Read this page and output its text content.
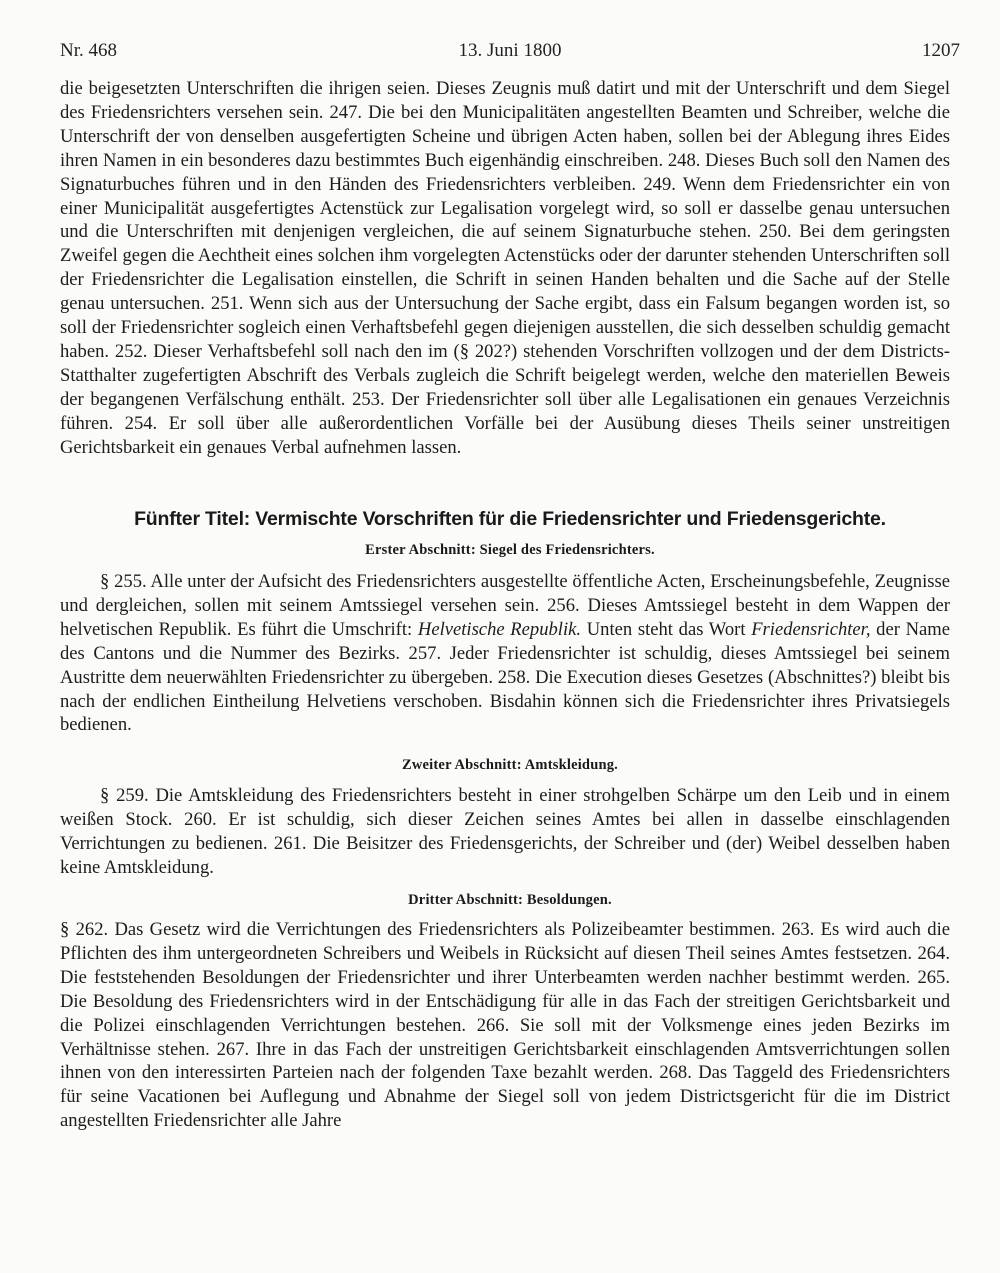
Nr. 468	13. Juni 1800	1207
die beigesetzten Unterschriften die ihrigen seien. Dieses Zeugnis muß datirt und mit der Unterschrift und dem Siegel des Friedensrichters versehen sein. 247. Die bei den Municipalitäten angestellten Beamten und Schreiber, welche die Unterschrift der von denselben ausgefertigten Scheine und übrigen Acten haben, sollen bei der Ablegung ihres Eides ihren Namen in ein besonderes dazu bestimmtes Buch eigenhändig einschreiben. 248. Dieses Buch soll den Namen des Signaturbuches führen und in den Händen des Friedensrichters verbleiben. 249. Wenn dem Friedensrichter ein von einer Municipalität ausgefertigtes Actenstück zur Legalisation vorgelegt wird, so soll er dasselbe genau untersuchen und die Unterschriften mit denjenigen vergleichen, die auf seinem Signaturbuche stehen. 250. Bei dem geringsten Zweifel gegen die Aechtheit eines solchen ihm vorgelegten Actenstücks oder der darunter stehenden Unterschriften soll der Friedensrichter die Legalisation einstellen, die Schrift in seinen Handen behalten und die Sache auf der Stelle genau untersuchen. 251. Wenn sich aus der Untersuchung der Sache ergibt, dass ein Falsum begangen worden ist, so soll der Friedensrichter sogleich einen Verhaftsbefehl gegen diejenigen ausstellen, die sich desselben schuldig gemacht haben. 252. Dieser Verhaftsbefehl soll nach den im (§ 202?) stehenden Vorschriften vollzogen und der dem Districts-Statthalter zugefertigten Abschrift des Verbals zugleich die Schrift beigelegt werden, welche den materiellen Beweis der begangenen Verfälschung enthält. 253. Der Friedensrichter soll über alle Legalisationen ein genaues Verzeichnis führen. 254. Er soll über alle außerordentlichen Vorfälle bei der Ausübung dieses Theils seiner unstreitigen Gerichtsbarkeit ein genaues Verbal aufnehmen lassen.
Fünfter Titel: Vermischte Vorschriften für die Friedensrichter und Friedensgerichte.
Erster Abschnitt: Siegel des Friedensrichters.
§ 255. Alle unter der Aufsicht des Friedensrichters ausgestellte öffentliche Acten, Erscheinungsbefehle, Zeugnisse und dergleichen, sollen mit seinem Amtssiegel versehen sein. 256. Dieses Amtssiegel besteht in dem Wappen der helvetischen Republik. Es führt die Umschrift: Helvetische Republik. Unten steht das Wort Friedensrichter, der Name des Cantons und die Nummer des Bezirks. 257. Jeder Friedensrichter ist schuldig, dieses Amtssiegel bei seinem Austritte dem neuerwählten Friedensrichter zu übergeben. 258. Die Execution dieses Gesetzes (Abschnittes?) bleibt bis nach der endlichen Eintheilung Helvetiens verschoben. Bisdahin können sich die Friedensrichter ihres Privatsiegels bedienen.
Zweiter Abschnitt: Amtskleidung.
§ 259. Die Amtskleidung des Friedensrichters besteht in einer strohgelben Schärpe um den Leib und in einem weißen Stock. 260. Er ist schuldig, sich dieser Zeichen seines Amtes bei allen in dasselbe einschlagenden Verrichtungen zu bedienen. 261. Die Beisitzer des Friedensgerichts, der Schreiber und (der) Weibel desselben haben keine Amtskleidung.
Dritter Abschnitt: Besoldungen.
§ 262. Das Gesetz wird die Verrichtungen des Friedensrichters als Polizeibeamter bestimmen. 263. Es wird auch die Pflichten des ihm untergeordneten Schreibers und Weibels in Rücksicht auf diesen Theil seines Amtes festsetzen. 264. Die feststehenden Besoldungen der Friedensrichter und ihrer Unterbeamten werden nachher bestimmt werden. 265. Die Besoldung des Friedensrichters wird in der Entschädigung für alle in das Fach der streitigen Gerichtsbarkeit und die Polizei einschlagenden Verrichtungen bestehen. 266. Sie soll mit der Volksmenge eines jeden Bezirks im Verhältnisse stehen. 267. Ihre in das Fach der unstreitigen Gerichtsbarkeit einschlagenden Amtsverrichtungen sollen ihnen von den interessirten Parteien nach der folgenden Taxe bezahlt werden. 268. Das Taggeld des Friedensrichters für seine Vacationen bei Auflegung und Abnahme der Siegel soll von jedem Districtsgericht für die im District angestellten Friedensrichter alle Jahre
